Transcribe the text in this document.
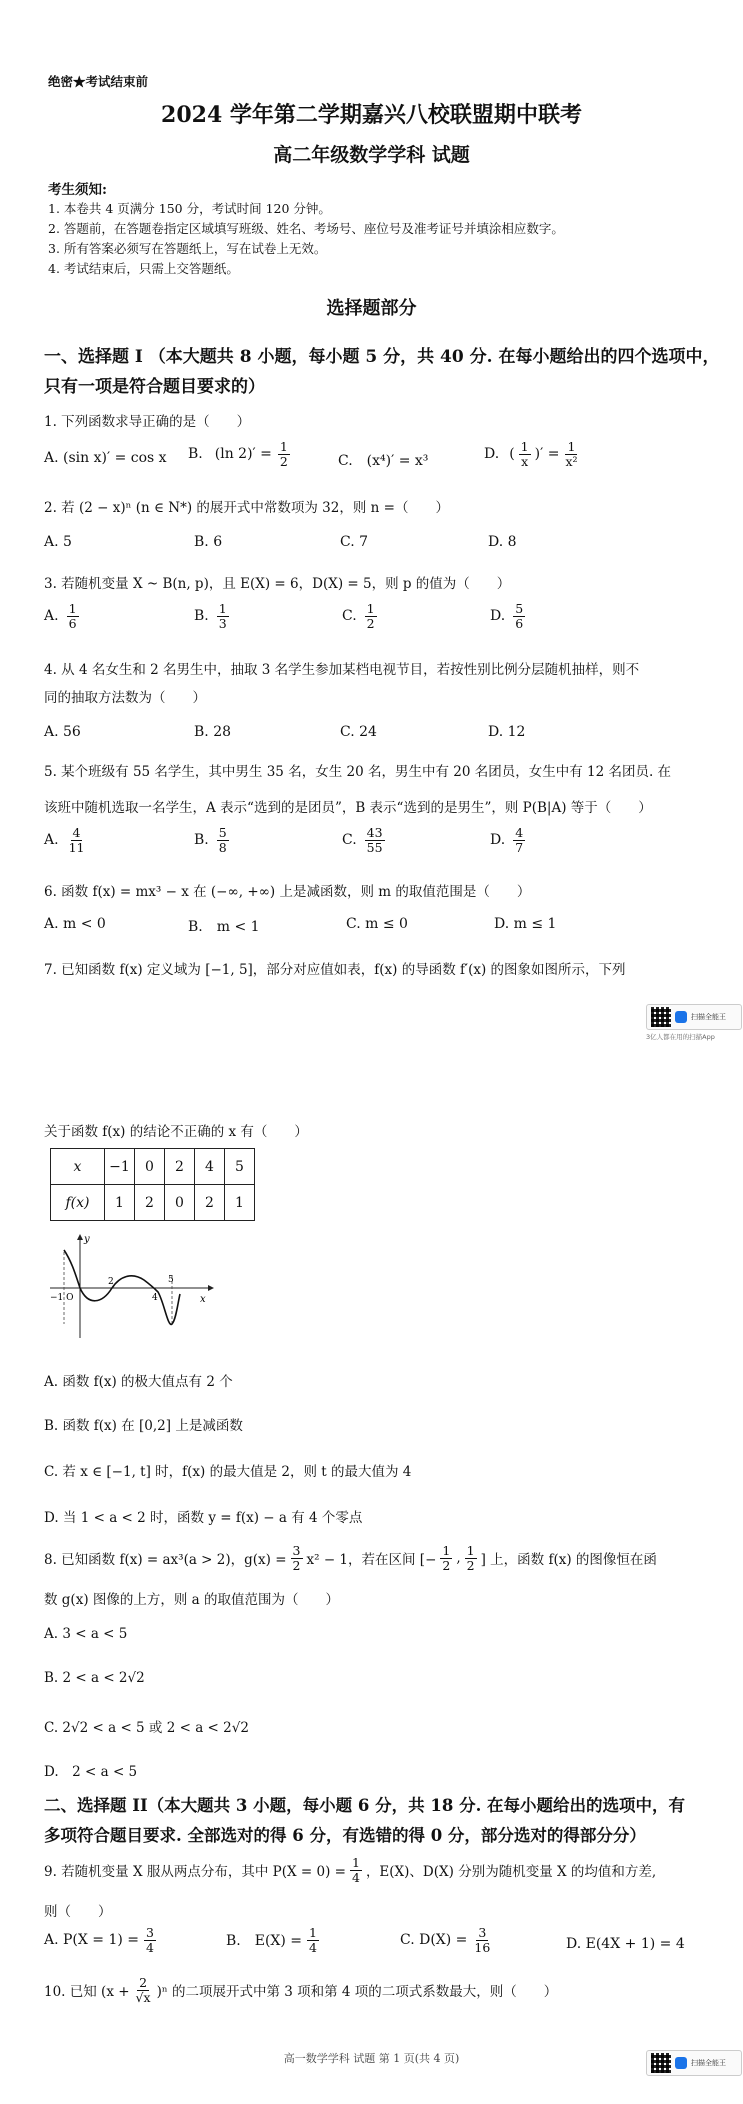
绝密★考试结束前
2024 学年第二学期嘉兴八校联盟期中联考
高二年级数学学科 试题
考生须知:
1. 本卷共 4 页满分 150 分，考试时间 120 分钟。
2. 答题前，在答题卷指定区域填写班级、姓名、考场号、座位号及准考证号并填涂相应数字。
3. 所有答案必须写在答题纸上，写在试卷上无效。
4. 考试结束后，只需上交答题纸。
选择题部分
一、选择题 I （本大题共 8 小题，每小题 5 分，共 40 分. 在每小题给出的四个选项中，
只有一项是符合题目要求的）
1. 下列函数求导正确的是（　　）
A. (sin x)′ = cos x B. (ln $2)' = \frac{1}{2}$	C.　(x⁴)′ = x³	D. ( $\frac{1}{x}$ )′ = $\frac{1}{\text{x²}}$
2. 若 (2 − x)ⁿ (n ∈ N*) 的展开式中常数项为 32，则 n =（　　）
A. 5	B. 6	C. 7	D. 8
3. 若随机变量 X ~ B(n, p)，且 E(X) = 6，D(X) = 5，则 p 的值为（　　）
A. $\frac{1}{6}$	B. $\frac{1}{3}$	C. $\frac{1}{2}$	D. $\frac{5}{6}$
4. 从 4 名女生和 2 名男生中，抽取 3 名学生参加某档电视节目，若按性别比例分层随机抽样，则不
同的抽取方法数为（　　）
A. 56	B. 28	C. 24	D. 12
5. 某个班级有 55 名学生，其中男生 35 名，女生 20 名，男生中有 20 名团员，女生中有 12 名团员. 在
该班中随机选取一名学生，A 表示“选到的是团员”，B 表示“选到的是男生”，则 P(B|A) 等于（　　）
A. $\frac{4}{11}$	B. $\frac{5}{8}$	C. $\frac{43}{55}$	D. $\frac{4}{7}$
6. 函数 f(x) = mx³ − x 在 (−∞, +∞) 上是减函数，则 m 的取值范围是（　　）
A. m < 0	B.　m < 1	C. m ≤ 0	D. m ≤ 1
7. 已知函数 f(x) 定义域为 [−1, 5]，部分对应值如表，f(x) 的导函数 f′(x) 的图象如图所示，下列
扫描全能王
关于函数 f(x) 的结论不正确的 x 有（　　）
x	−1	0	2	4	5
f(x)	1	2	0	2	1
y
x
−1 O
2
4
5
A. 函数 f(x) 的极大值点有 2 个
B. 函数 f(x) 在 [0,2] 上是减函数
C. 若 x ∈ [−1, t] 时，f(x) 的最大值是 2，则 t 的最大值为 4
D. 当 1 < a < 2 时，函数 y = f(x) − a 有 4 个零点
8. 已知函数 f(x) = ax³(a > 2)，$g(x) = \frac{3}{2} x^2 - 1$，若在区间 [− $\frac{1}{2}$ , $\frac{1}{2}$ ] 上，函数 f(x) 的图像恒在函
数 g(x) 图像的上方，则 a 的取值范围为（　　）
A. 3 < a < 5
B. 2 < a < 2√2
C. 2√2 < a < 5 或 2 < a < 2√2
D.　2 < a < 5
二、选择题 II（本大题共 3 小题，每小题 6 分，共 18 分. 在每小题给出的选项中，有
多项符合题目要求. 全部选对的得 6 分，有选错的得 0 分，部分选对的得部分分）
9. 若随机变量 X 服从两点分布，其中 $P(X = 0) = \frac{1}{4}$ ，E(X)、D(X) 分别为随机变量 X 的均值和方差,
则（　　）
A. $P(X = 1) = \frac{3}{4}$	B.　$E(X) = \frac{1}{4}$	C. $D(X) = \frac{3}{16}$	D. E(4X + 1) = 4
10. 已知 $(x + \frac{2}{√x} )^n$ 的二项展开式中第 3 项和第 4 项的二项式系数最大，则（　　）
高一数学学科 试题 第 1 页(共 4 页)	扫描全能王
3亿人都在用的扫描App
